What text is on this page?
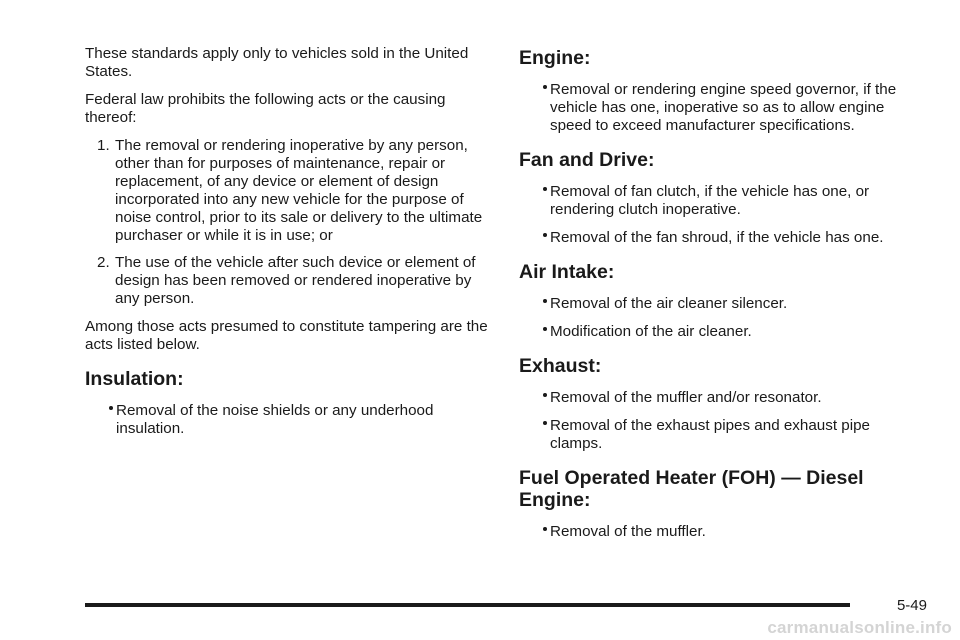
These standards apply only to vehicles sold in the United States.

Federal law prohibits the following acts or the causing thereof:

1. The removal or rendering inoperative by any person, other than for purposes of maintenance, repair or replacement, of any device or element of design incorporated into any new vehicle for the purpose of noise control, prior to its sale or delivery to the ultimate purchaser or while it is in use; or
2. The use of the vehicle after such device or element of design has been removed or rendered inoperative by any person.

Among those acts presumed to constitute tampering are the acts listed below.

Insulation:
Removal of the noise shields or any underhood insulation.
Engine:
Removal or rendering engine speed governor, if the vehicle has one, inoperative so as to allow engine speed to exceed manufacturer specifications.
Fan and Drive:
Removal of fan clutch, if the vehicle has one, or rendering clutch inoperative.
Removal of the fan shroud, if the vehicle has one.
Air Intake:
Removal of the air cleaner silencer.
Modification of the air cleaner.
Exhaust:
Removal of the muffler and/or resonator.
Removal of the exhaust pipes and exhaust pipe clamps.
Fuel Operated Heater (FOH) — Diesel Engine:
Removal of the muffler.
5-49
carmanualsonline.info
